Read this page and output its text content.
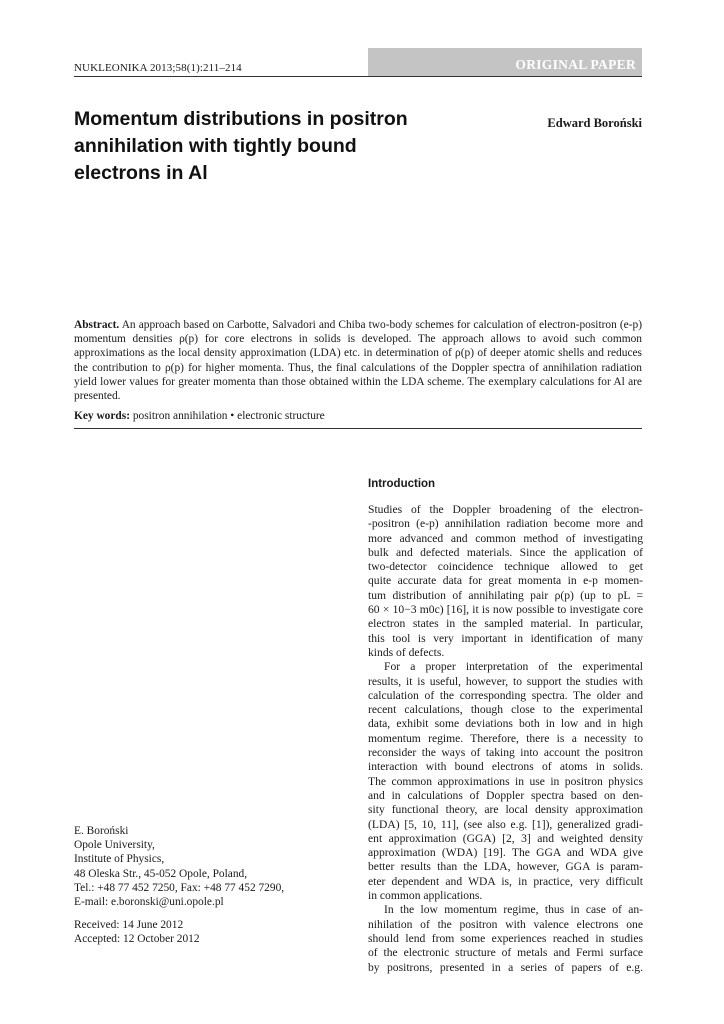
NUKLEONIKA 2013;58(1):211–214	ORIGINAL PAPER
Momentum distributions in positron annihilation with tightly bound electrons in Al
Edward Boroński
Abstract. An approach based on Carbotte, Salvadori and Chiba two-body schemes for calculation of electron-positron (e-p) momentum densities ρ(p) for core electrons in solids is developed. The approach allows to avoid such common approximations as the local density approximation (LDA) etc. in determination of ρ(p) of deeper atomic shells and reduces the contribution to ρ(p) for higher momenta. Thus, the final calculations of the Doppler spectra of annihilation radiation yield lower values for greater momenta than those obtained within the LDA scheme. The exemplary calculations for Al are presented.
Key words: positron annihilation • electronic structure
Introduction
Studies of the Doppler broadening of the electron-
-positron (e-p) annihilation radiation become more and
more advanced and common method of investigating
bulk and defected materials. Since the application of
two-detector coincidence technique allowed to get
quite accurate data for great momenta in e-p momen-
tum distribution of annihilating pair ρ(p) (up to pL =
60 × 10−3 m0c) [16], it is now possible to investigate core
electron states in the sampled material. In particular,
this tool is very important in identification of many
kinds of defects.
For a proper interpretation of the experimental
results, it is useful, however, to support the studies with
calculation of the corresponding spectra. The older and
recent calculations, though close to the experimental
data, exhibit some deviations both in low and in high
momentum regime. Therefore, there is a necessity to
reconsider the ways of taking into account the positron
interaction with bound electrons of atoms in solids.
The common approximations in use in positron physics
and in calculations of Doppler spectra based on den-
sity functional theory, are local density approximation
(LDA) [5, 10, 11], (see also e.g. [1]), generalized gradi-
ent approximation (GGA) [2, 3] and weighted density
approximation (WDA) [19]. The GGA and WDA give
better results than the LDA, however, GGA is param-
eter dependent and WDA is, in practice, very difficult
in common applications.
In the low momentum regime, thus in case of an-
nihilation of the positron with valence electrons one
should lend from some experiences reached in studies
of the electronic structure of metals and Fermi surface
by positrons, presented in a series of papers of e.g.
E. Boroński
Opole University,
Institute of Physics,
48 Oleska Str., 45-052 Opole, Poland,
Tel.: +48 77 452 7250, Fax: +48 77 452 7290,
E-mail: e.boronski@uni.opole.pl
Received: 14 June 2012
Accepted: 12 October 2012
